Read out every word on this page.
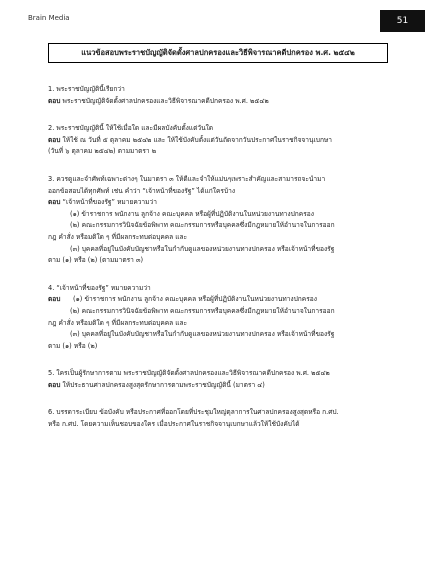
Brain Media	51
แนวข้อสอบพระราชบัญญัติจัดตั้งศาลปกครองและวิธีพิจารณาคดีปกครอง พ.ศ. ๒๕๔๒

1. พระราชบัญญัตินี้เรียกว่า

ตอบ พระราชบัญญัติจัดตั้งศาลปกครองและวิธีพิจารณาคดีปกครอง พ.ศ. ๒๕๔๒

2. พระราชบัญญัตินี้ ให้ใช้เมื่อใด และมีผลบังคับตั้งแต่วันใด

ตอบ ให้ใช้ ณ วันที่ ๕ ตุลาคม ๒๕๔๒ และ ให้ใช้บังคับตั้งแต่วันถัดจากวันประกาศในราชกิจจานุเบกษา

(วันที่ ๖ ตุลาคม ๒๕๔๒) ตามมาตรา ๒

3. ควรดูและจำศัพท์เฉพาะต่างๆ ในมาตรา ๓ ให้ดีและจำให้แม่นๆเพราะสำคัญและสามารถจะนำมา

ออกข้อสอบได้ทุกศัพท์ เช่น คำว่า “เจ้าหน้าที่ของรัฐ” ได้แก่ใครบ้าง

ตอบ “เจ้าหน้าที่ของรัฐ” หมายความว่า

(๑) ข้าราชการ พนักงาน ลูกจ้าง คณะบุคคล หรือผู้ที่ปฏิบัติงานในหน่วยงานทางปกครอง

(๒) คณะกรรมการวินิจฉัยข้อพิพาท คณะกรรมการหรือบุคคลซึ่งมีกฎหมายให้อำนาจในการออก

กฎ คำสั่ง หรือมติใด ๆ ที่มีผลกระทบต่อบุคคล และ

(๓) บุคคลที่อยู่ในบังคับบัญชาหรือในกำกับดูแลของหน่วยงานทางปกครอง หรือเจ้าหน้าที่ของรัฐ

ตาม (๑) หรือ (๒) (ตามมาตรา ๓)

4. “เจ้าหน้าที่ของรัฐ” หมายความว่า

ตอบ (๑) ข้าราชการ พนักงาน ลูกจ้าง คณะบุคคล หรือผู้ที่ปฏิบัติงานในหน่วยงานทางปกครอง

(๒) คณะกรรมการวินิจฉัยข้อพิพาท คณะกรรมการหรือบุคคลซึ่งมีกฎหมายให้อำนาจในการออก

กฎ คำสั่ง หรือมติใด ๆ ที่มีผลกระทบต่อบุคคล และ

(๓) บุคคลที่อยู่ในบังคับบัญชาหรือในกำกับดูแลของหน่วยงานทางปกครอง หรือเจ้าหน้าที่ของรัฐ

ตาม (๑) หรือ (๒)

5. ใครเป็นผู้รักษาการตาม พระราชบัญญัติจัดตั้งศาลปกครองและวิธีพิจารณาคดีปกครอง พ.ศ. ๒๕๔๒

ตอบ ให้ประธานศาลปกครองสูงสุดรักษาการตามพระราชบัญญัตินี้ (มาตรา ๔)

6. บรรดาระเบียบ ข้อบังคับ หรือประกาศที่ออกโดยที่ประชุมใหญ่ตุลาการในศาลปกครองสูงสุดหรือ ก.ศป.

หรือ ก.ศป. โดยความเห็นชอบของใคร เมื่อประกาศในราชกิจจานุเบกษาแล้วให้ใช้บังคับได้
